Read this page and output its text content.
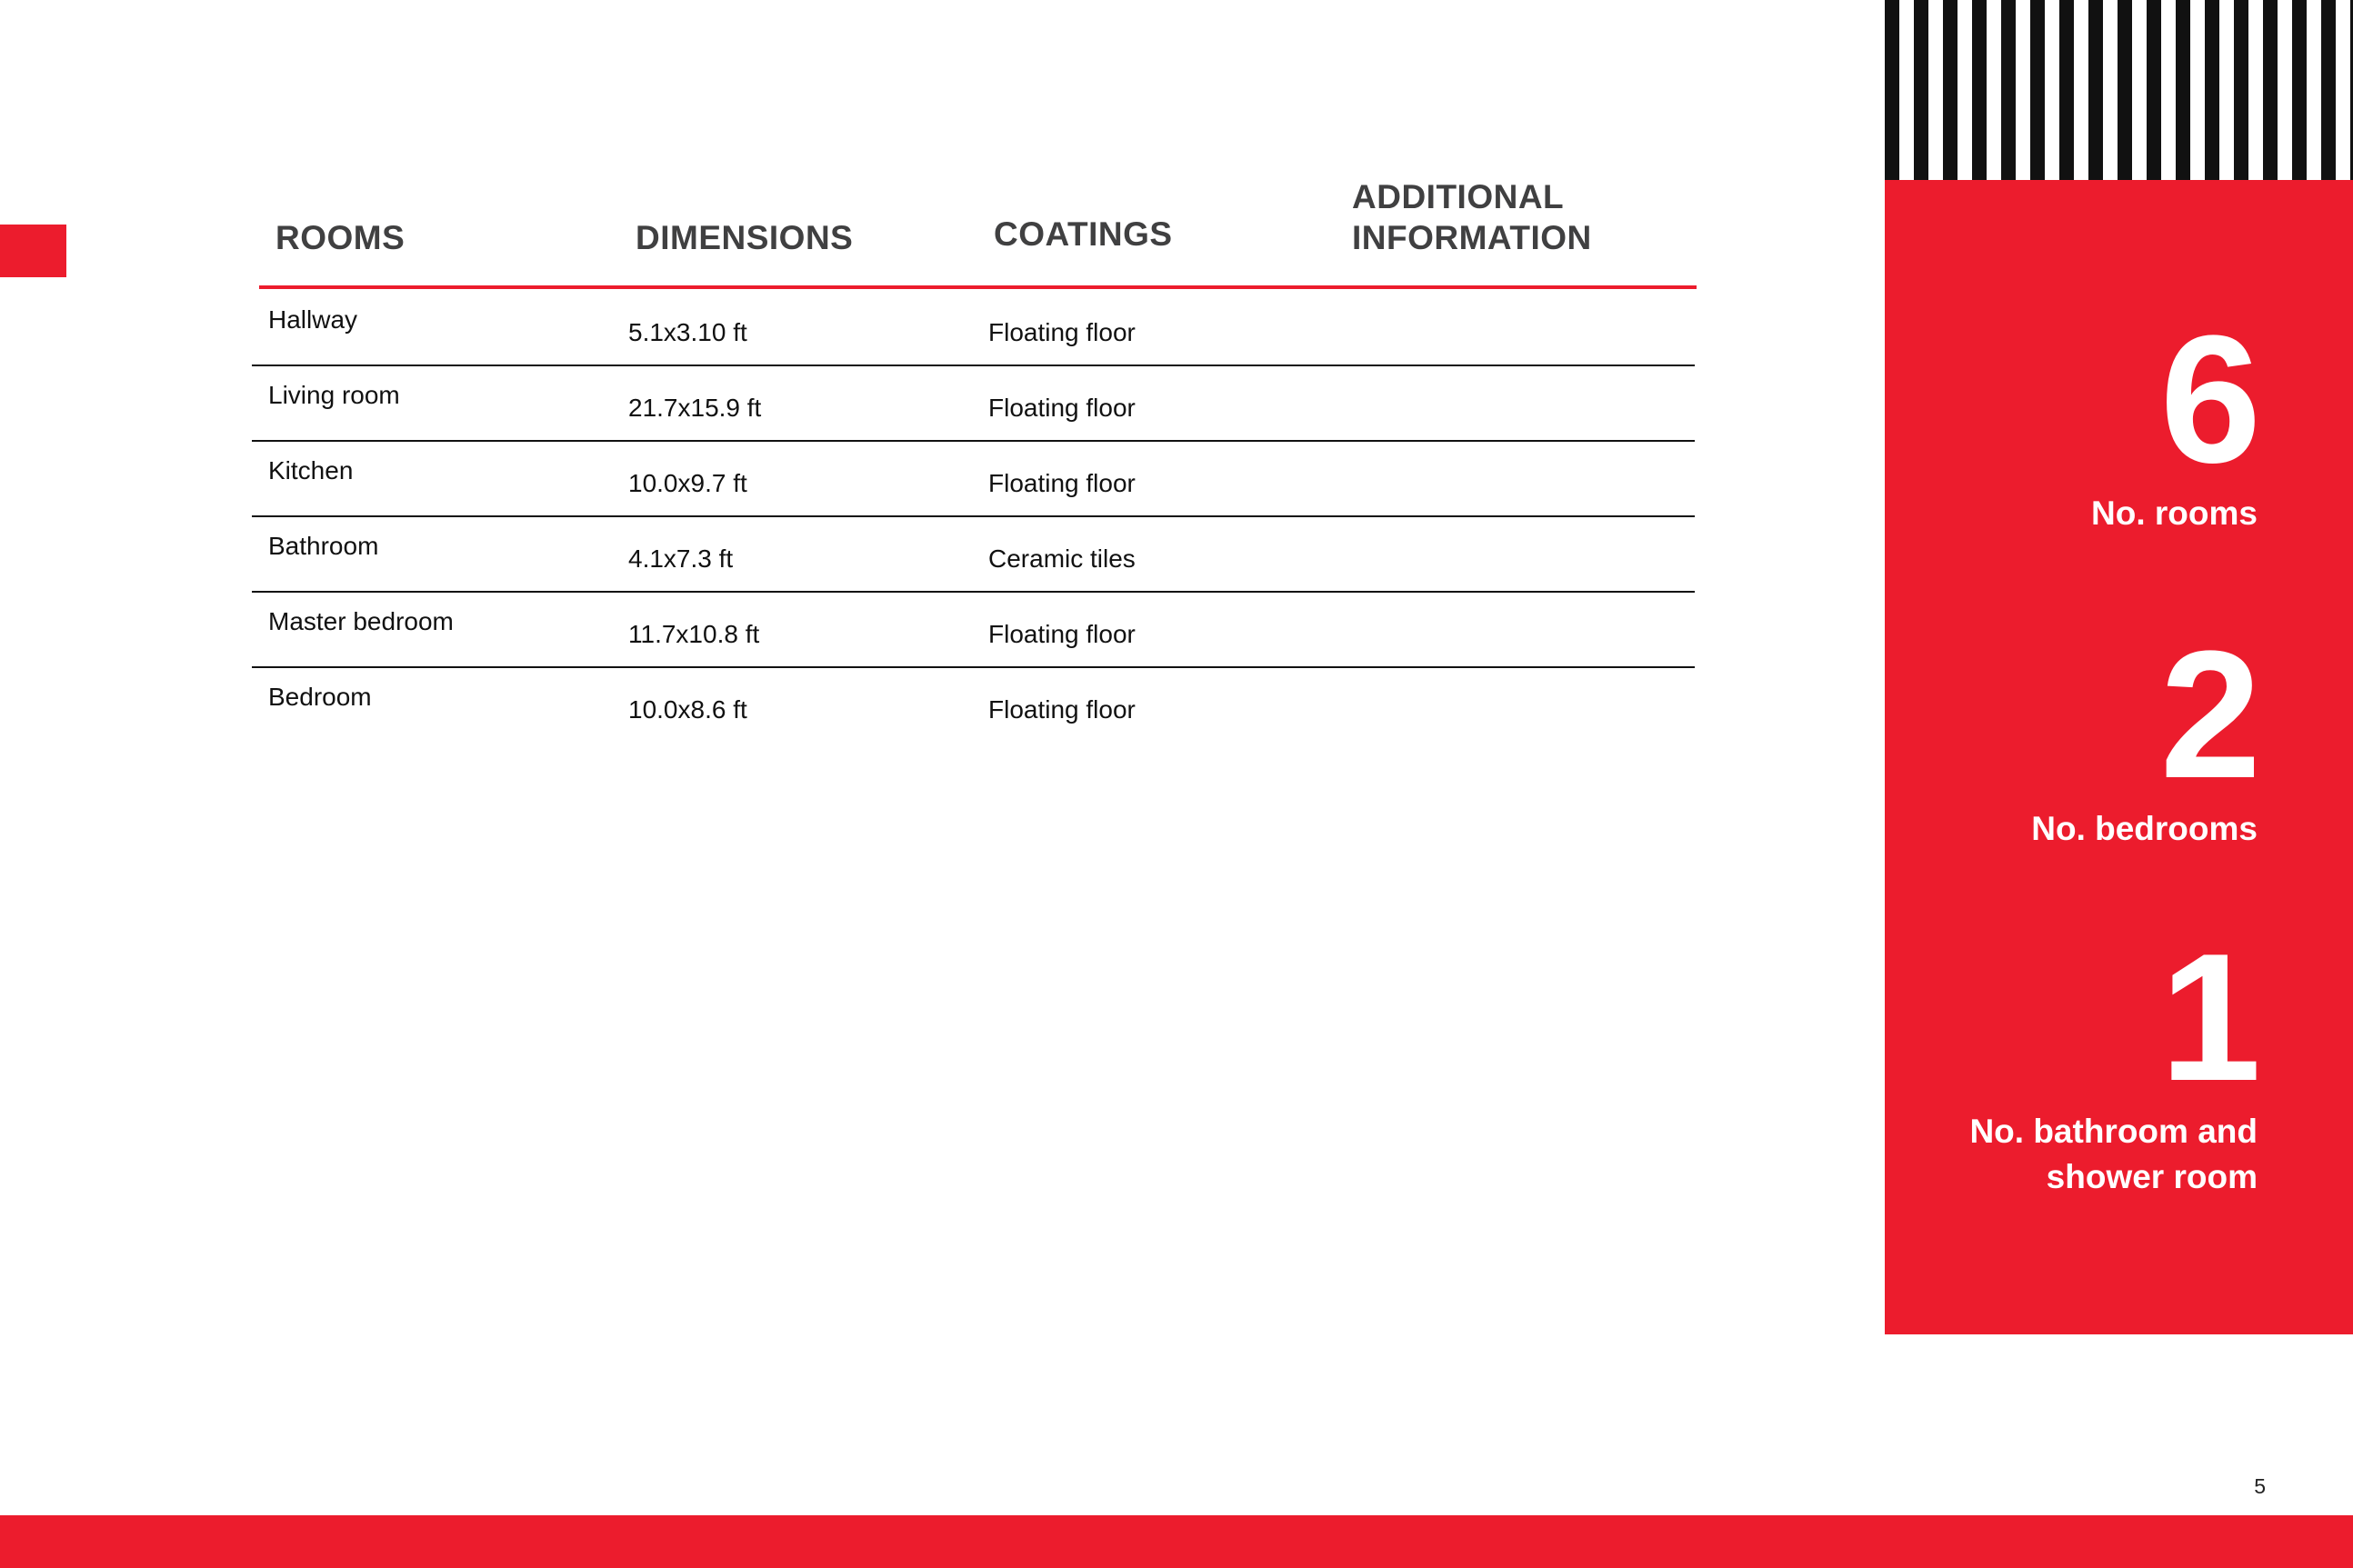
ROOMS	DIMENSIONS	COATINGS
ADDITIONAL
INFORMATION
Hallway	5.1x3.10 ft	Floating floor
Living room	21.7x15.9 ft	Floating floor
Kitchen	10.0x9.7 ft	Floating floor
Bathroom	4.1x7.3 ft	Ceramic tiles
Master bedroom	11.7x10.8 ft	Floating floor
Bedroom	10.0x8.6 ft	Floating floor
6
No. rooms
2
No. bedrooms
1
No. bathroom and shower room
5
